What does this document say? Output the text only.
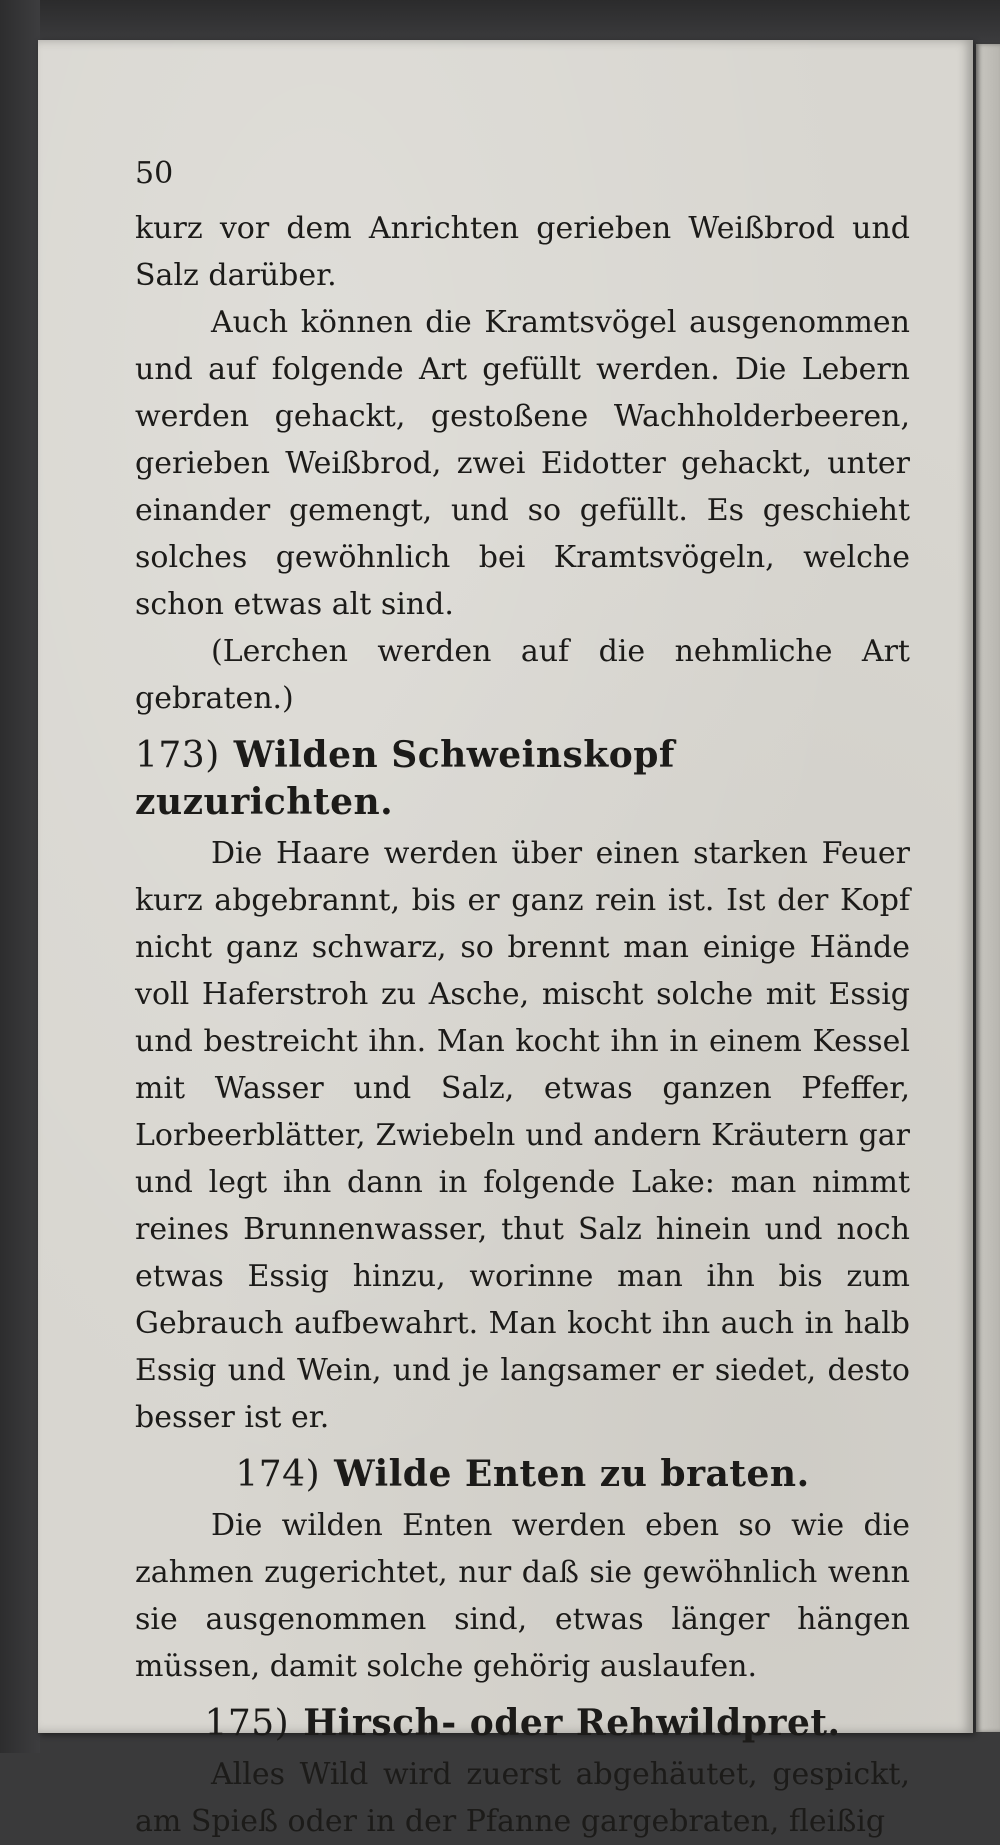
50

kurz vor dem Anrichten gerieben Weißbrod und Salz darüber.

Auch können die Kramtsvögel ausgenommen und auf folgende Art gefüllt werden. Die Lebern werden gehackt, gestoßene Wachholderbeeren, gerieben Weißbrod, zwei Eidotter gehackt, unter einander gemengt, und so gefüllt. Es geschieht solches gewöhnlich bei Kramtsvögeln, welche schon etwas alt sind.

(Lerchen werden auf die nehmliche Art gebraten.)

173) Wilden Schweinskopf zuzurichten.

Die Haare werden über einen starken Feuer kurz abgebrannt, bis er ganz rein ist. Ist der Kopf nicht ganz schwarz, so brennt man einige Hände voll Haferstroh zu Asche, mischt solche mit Essig und bestreicht ihn. Man kocht ihn in einem Kessel mit Wasser und Salz, etwas ganzen Pfeffer, Lorbeerblätter, Zwiebeln und andern Kräutern gar und legt ihn dann in folgende Lake: man nimmt reines Brunnenwasser, thut Salz hinein und noch etwas Essig hinzu, worinne man ihn bis zum Gebrauch aufbewahrt. Man kocht ihn auch in halb Essig und Wein, und je langsamer er siedet, desto besser ist er.

174) Wilde Enten zu braten.

Die wilden Enten werden eben so wie die zahmen zugerichtet, nur daß sie gewöhnlich wenn sie ausgenommen sind, etwas länger hängen müssen, damit solche gehörig auslaufen.

175) Hirsch- oder Rehwildpret.

Alles Wild wird zuerst abgehäutet, gespickt, am Spieß oder in der Pfanne gargebraten, fleißig
